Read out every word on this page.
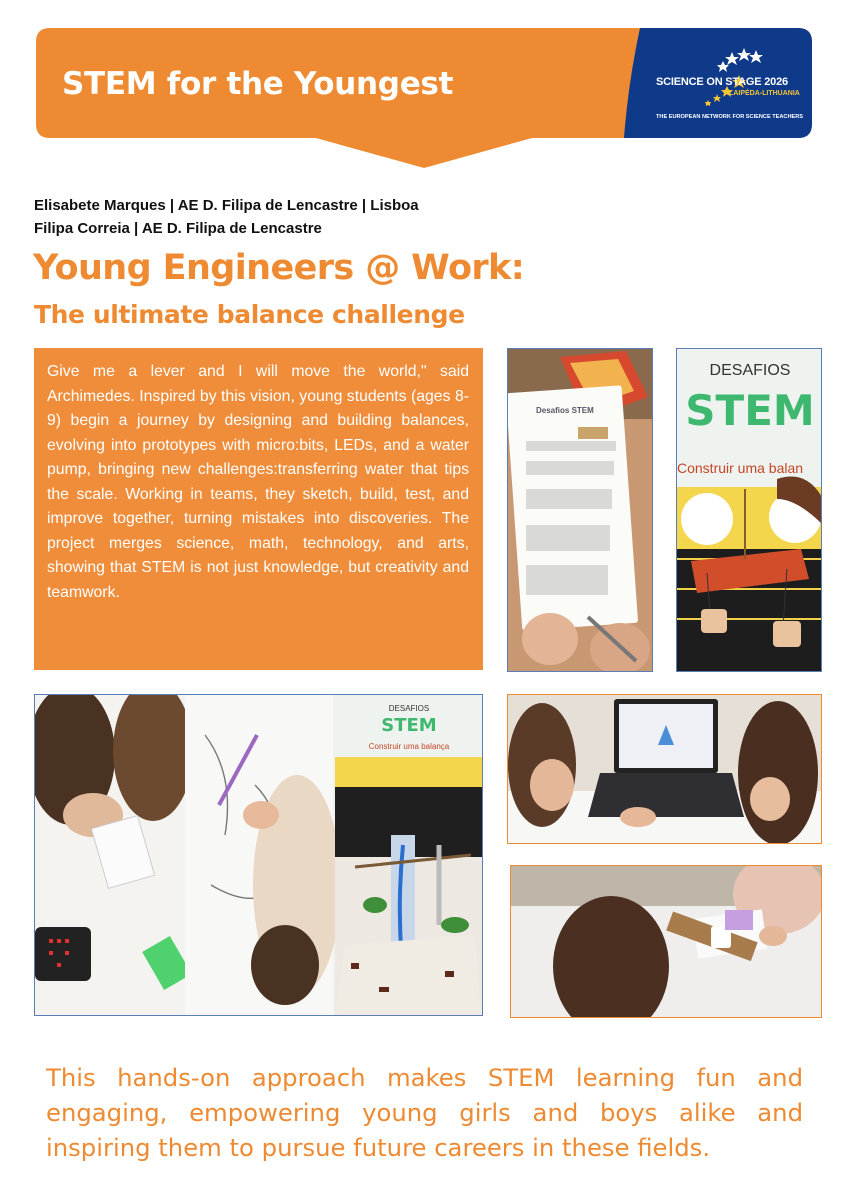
STEM for the Youngest	SCIENCE ON STAGE 2026
KLAIPĖDA-LITHUANIA
THE EUROPEAN NETWORK FOR SCIENCE TEACHERS
Elisabete Marques | AE D. Filipa de Lencastre | Lisboa
Filipa Correia | AE D. Filipa de Lencastre
Young Engineers @ Work:
The ultimate balance challenge
Give me a lever and I will move the world," said Archimedes. Inspired by this vision, young students (ages 8-9) begin a journey by designing and building balances, evolving into prototypes with micro:bits, LEDs, and a water pump, bringing new challenges:transferring water that tips the scale. Working in teams, they sketch, build, test, and improve together, turning mistakes into discoveries. The project merges science, math, technology, and arts, showing that STEM is not just knowledge, but creativity and teamwork.
Desafios STEM
DESAFIOS
STEM
Construir uma balan
DESAFIOS
STEM
Construir uma balança
This hands-on approach makes STEM learning fun and engaging, empowering young girls and boys alike and inspiring them to pursue future careers in these fields.
